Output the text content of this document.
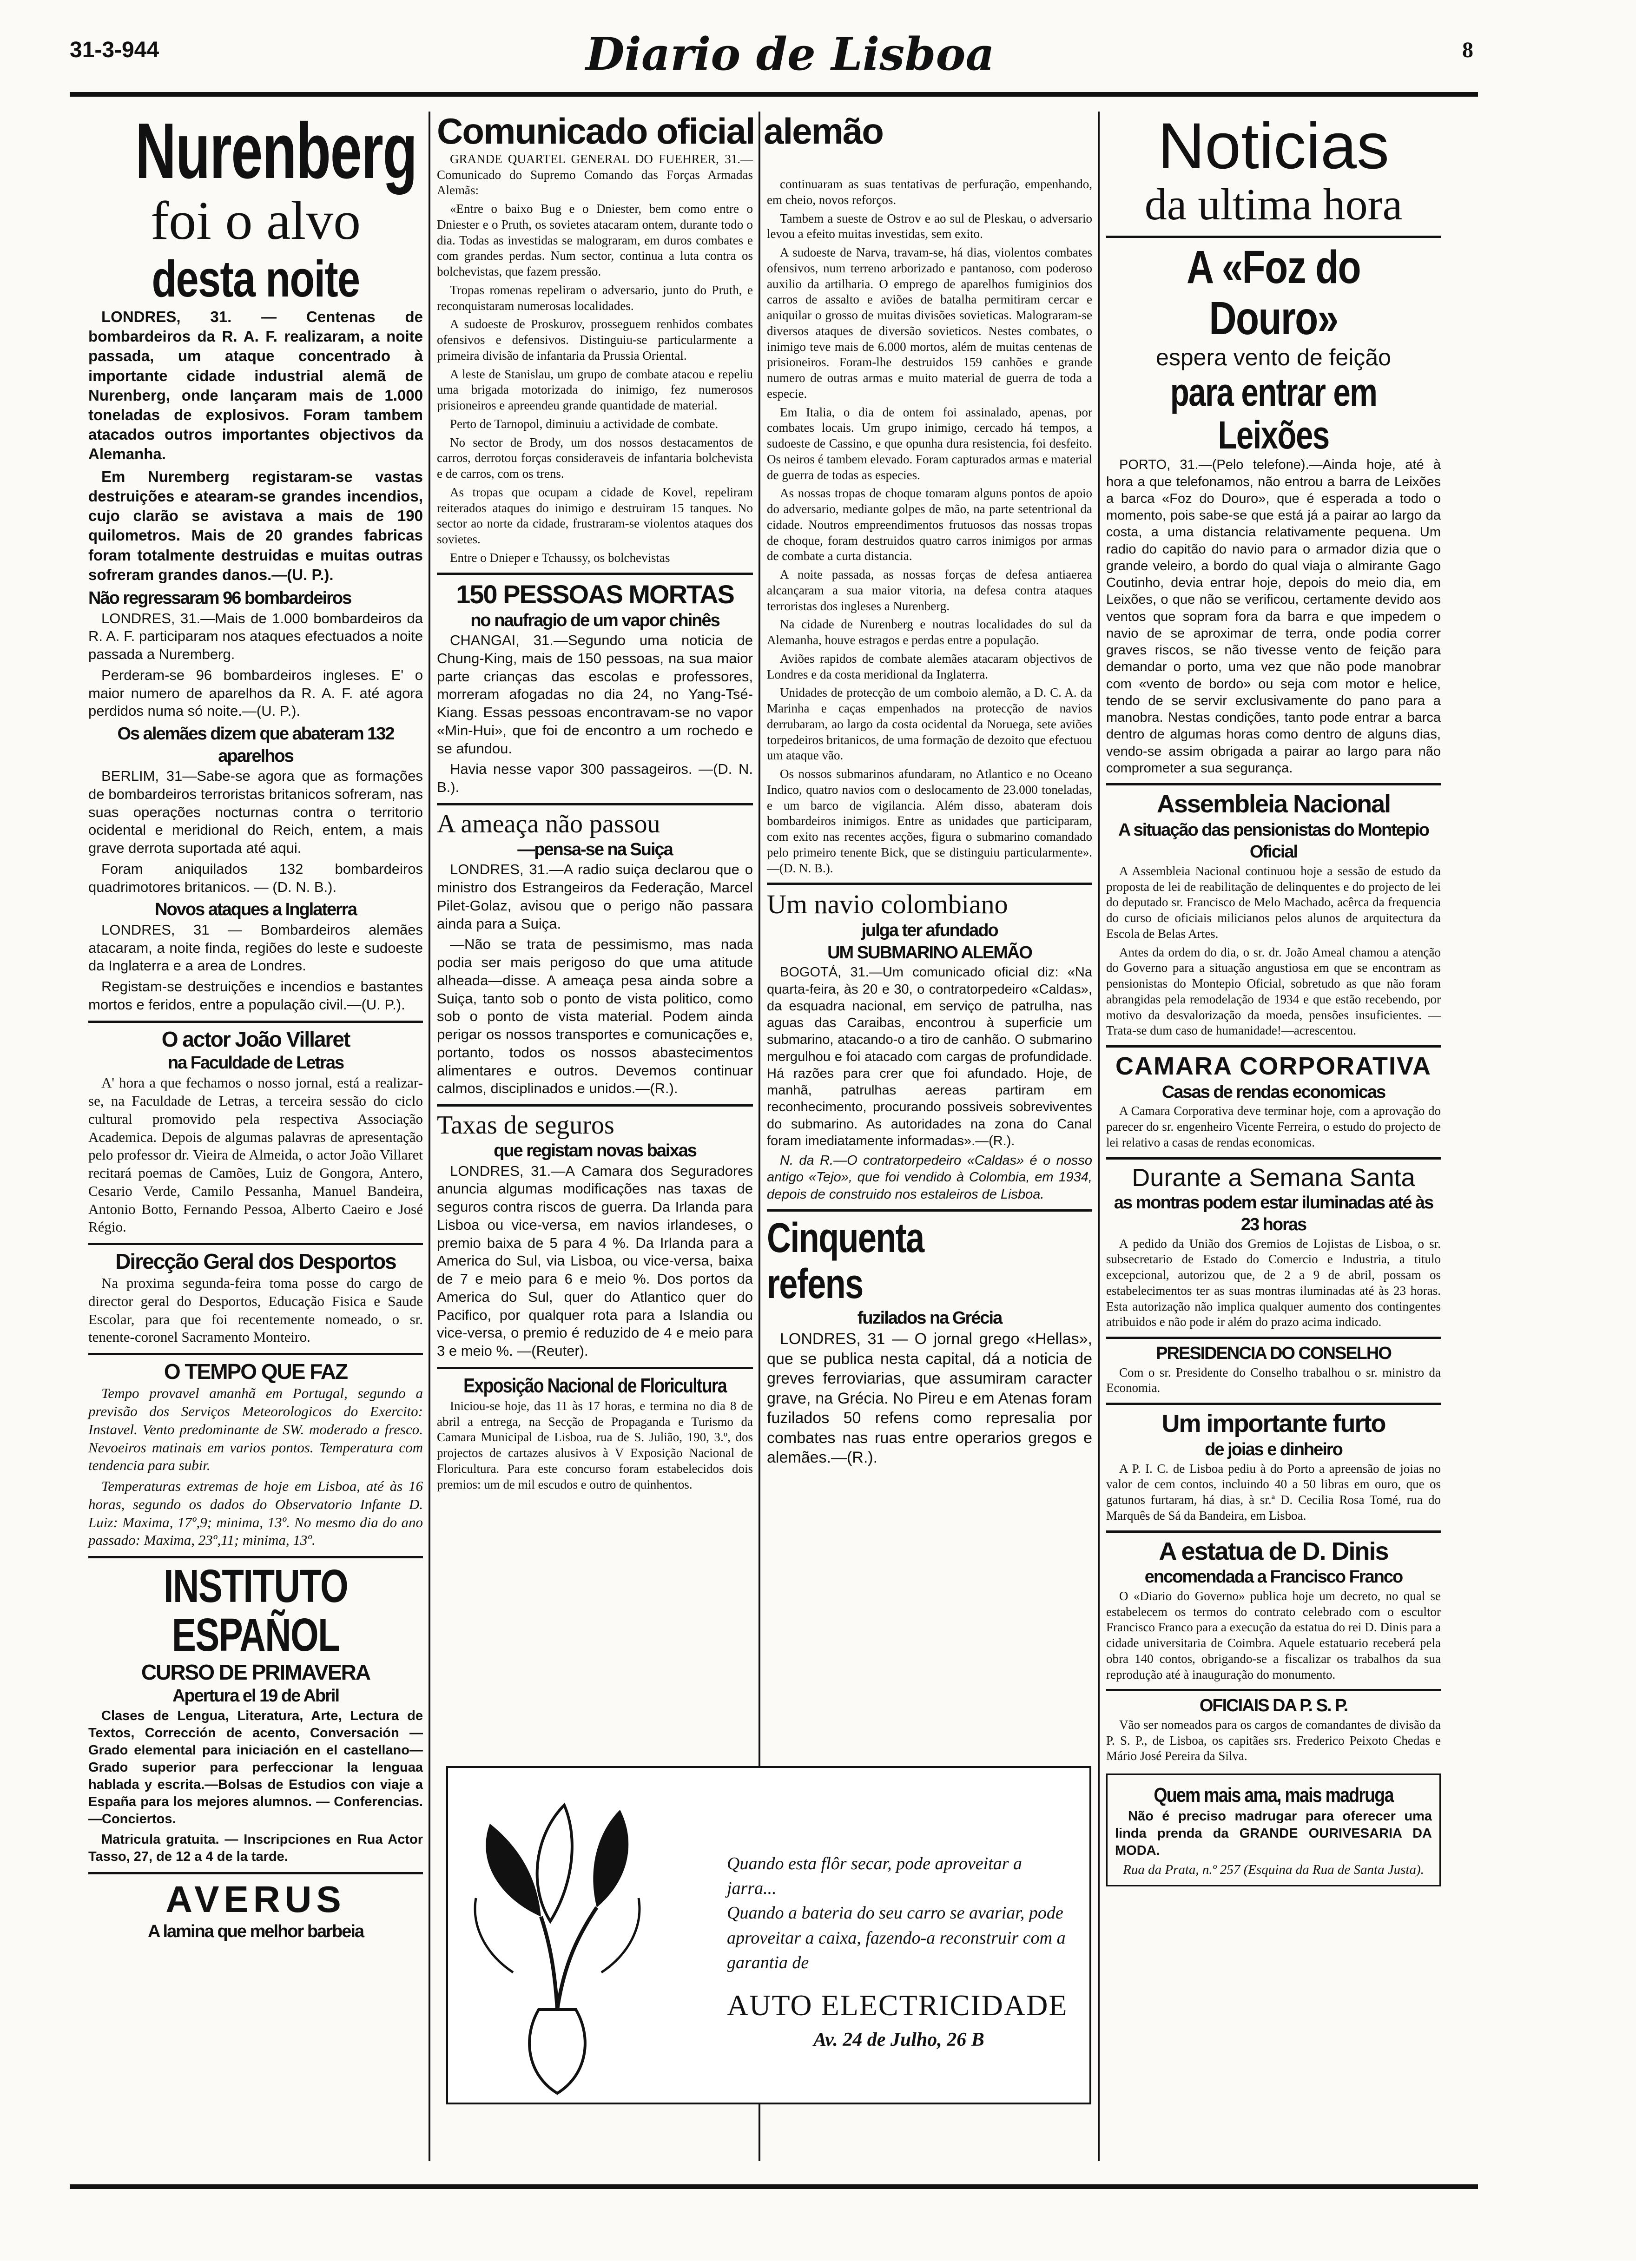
31-3-944	Diario de Lisboa	8
Nurenberg
foi o alvo
desta noite

LONDRES, 31. — Centenas de bombardeiros da R. A. F. realizaram, a noite passada, um ataque concentrado à importante cidade industrial alemã de Nurenberg, onde lançaram mais de 1.000 toneladas de explosivos. Foram tambem atacados outros importantes objectivos da Alemanha.

Em Nuremberg registaram-se vastas destruições e atearam-se grandes incendios, cujo clarão se avistava a mais de 190 quilometros. Mais de 20 grandes fabricas foram totalmente destruidas e muitas outras sofreram grandes danos.—(U. P.).

Não regressaram 96 bombardeiros

LONDRES, 31.—Mais de 1.000 bombardeiros da R. A. F. participaram nos ataques efectuados a noite passada a Nuremberg.

Perderam-se 96 bombardeiros ingleses. E' o maior numero de aparelhos da R. A. F. até agora perdidos numa só noite.—(U. P.).

Os alemães dizem que abateram 132 aparelhos

BERLIM, 31—Sabe-se agora que as formações de bombardeiros terroristas britanicos sofreram, nas suas operações nocturnas contra o territorio ocidental e meridional do Reich, entem, a mais grave derrota suportada até aqui.

Foram aniquilados 132 bombardeiros quadrimotores britanicos. — (D. N. B.).

Novos ataques a Inglaterra

LONDRES, 31 — Bombardeiros alemães atacaram, a noite finda, regiões do leste e sudoeste da Inglaterra e a area de Londres.

Registam-se destruições e incendios e bastantes mortos e feridos, entre a população civil.—(U. P.).

O actor João Villaret
na Faculdade de Letras

A' hora a que fechamos o nosso jornal, está a realizar-se, na Faculdade de Letras, a terceira sessão do ciclo cultural promovido pela respectiva Associação Academica. Depois de algumas palavras de apresentação pelo professor dr. Vieira de Almeida, o actor João Villaret recitará poemas de Camões, Luiz de Gongora, Antero, Cesario Verde, Camilo Pessanha, Manuel Bandeira, Antonio Botto, Fernando Pessoa, Alberto Caeiro e José Régio.

Direcção Geral dos Desportos

Na proxima segunda-feira toma posse do cargo de director geral do Desportos, Educação Fisica e Saude Escolar, para que foi recentemente nomeado, o sr. tenente-coronel Sacramento Monteiro.

O TEMPO QUE FAZ

Tempo provavel amanhã em Portugal, segundo a previsão dos Serviços Meteorologicos do Exercito: Instavel. Vento predominante de SW. moderado a fresco. Nevoeiros matinais em varios pontos. Temperatura com tendencia para subir.

Temperaturas extremas de hoje em Lisboa, até às 16 horas, segundo os dados do Observatorio Infante D. Luiz: Maxima, 17º,9; minima, 13º. No mesmo dia do ano passado: Maxima, 23º,11; minima, 13º.

INSTITUTO ESPAÑOL
CURSO DE PRIMAVERA
Apertura el 19 de Abril

Clases de Lengua, Literatura, Arte, Lectura de Textos, Corrección de acento, Conversación — Grado elemental para iniciación en el castellano— Grado superior para perfeccionar la lenguaa hablada y escrita.—Bolsas de Estudios con viaje a España para los mejores alumnos. — Conferencias.—Conciertos.

Matricula gratuita. — Inscripciones en Rua Actor Tasso, 27, de 12 a 4 de la tarde.

AVERUS
A lamina que melhor barbeia
Comunicado oficial alemão

GRANDE QUARTEL GENERAL DO FUEHRER, 31.—Comunicado do Supremo Comando das Forças Armadas Alemãs:

«Entre o baixo Bug e o Dniester, bem como entre o Dniester e o Pruth, os sovietes atacaram ontem, durante todo o dia. Todas as investidas se malograram, em duros combates e com grandes perdas. Num sector, continua a luta contra os bolchevistas, que fazem pressão.

Tropas romenas repeliram o adversario, junto do Pruth, e reconquistaram numerosas localidades.

A sudoeste de Proskurov, prosseguem renhidos combates ofensivos e defensivos. Distinguiu-se particularmente a primeira divisão de infantaria da Prussia Oriental.

A leste de Stanislau, um grupo de combate atacou e repeliu uma brigada motorizada do inimigo, fez numerosos prisioneiros e apreendeu grande quantidade de material.

Perto de Tarnopol, diminuiu a actividade de combate.

No sector de Brody, um dos nossos destacamentos de carros, derrotou forças consideraveis de infantaria bolchevista e de carros, com os trens.

As tropas que ocupam a cidade de Kovel, repeliram reiterados ataques do inimigo e destruiram 15 tanques. No sector ao norte da cidade, frustraram-se violentos ataques dos sovietes.

Entre o Dnieper e Tchaussy, os bolchevistas

150 PESSOAS MORTAS
no naufragio de um vapor chinês

CHANGAI, 31.—Segundo uma noticia de Chung-King, mais de 150 pessoas, na sua maior parte crianças das escolas e professores, morreram afogadas no dia 24, no Yang-Tsé-Kiang. Essas pessoas encontravam-se no vapor «Min-Hui», que foi de encontro a um rochedo e se afundou.

Havia nesse vapor 300 passageiros. —(D. N. B.).

A ameaça não passou
—pensa-se na Suiça

LONDRES, 31.—A radio suiça declarou que o ministro dos Estrangeiros da Federação, Marcel Pilet-Golaz, avisou que o perigo não passara ainda para a Suiça.

—Não se trata de pessimismo, mas nada podia ser mais perigoso do que uma atitude alheada—disse. A ameaça pesa ainda sobre a Suiça, tanto sob o ponto de vista politico, como sob o ponto de vista material. Podem ainda perigar os nossos transportes e comunicações e, portanto, todos os nossos abastecimentos alimentares e outros. Devemos continuar calmos, disciplinados e unidos.—(R.).

Taxas de seguros
que registam novas baixas

LONDRES, 31.—A Camara dos Seguradores anuncia algumas modificações nas taxas de seguros contra riscos de guerra. Da Irlanda para Lisboa ou vice-versa, em navios irlandeses, o premio baixa de 5 para 4 %. Da Irlanda para a America do Sul, via Lisboa, ou vice-versa, baixa de 7 e meio para 6 e meio %. Dos portos da America do Sul, quer do Atlantico quer do Pacifico, por qualquer rota para a Islandia ou vice-versa, o premio é reduzido de 4 e meio para 3 e meio %. —(Reuter).

Exposição Nacional de Floricultura

Iniciou-se hoje, das 11 às 17 horas, e termina no dia 8 de abril a entrega, na Secção de Propaganda e Turismo da Camara Municipal de Lisboa, rua de S. Julião, 190, 3.º, dos projectos de cartazes alusivos à V Exposição Nacional de Floricultura. Para este concurso foram estabelecidos dois premios: um de mil escudos e outro de quinhentos.

continuaram as suas tentativas de perfuração, empenhando, em cheio, novos reforços.

Tambem a sueste de Ostrov e ao sul de Pleskau, o adversario levou a efeito muitas investidas, sem exito.

A sudoeste de Narva, travam-se, há dias, violentos combates ofensivos, num terreno arborizado e pantanoso, com poderoso auxilio da artilharia. O emprego de aparelhos fumiginios dos carros de assalto e aviões de batalha permitiram cercar e aniquilar o grosso de muitas divisões sovieticas. Malograram-se diversos ataques de diversão sovieticos. Nestes combates, o inimigo teve mais de 6.000 mortos, além de muitas centenas de prisioneiros. Foram-lhe destruidos 159 canhões e grande numero de outras armas e muito material de guerra de toda a especie.

Em Italia, o dia de ontem foi assinalado, apenas, por combates locais. Um grupo inimigo, cercado há tempos, a sudoeste de Cassino, e que opunha dura resistencia, foi desfeito. Os neiros é tambem elevado. Foram capturados armas e material de guerra de todas as especies.

As nossas tropas de choque tomaram alguns pontos de apoio do adversario, mediante golpes de mão, na parte setentrional da cidade. Noutros empreendimentos frutuosos das nossas tropas de choque, foram destruidos quatro carros inimigos por armas de combate a curta distancia.

A noite passada, as nossas forças de defesa antiaerea alcançaram a sua maior vitoria, na defesa contra ataques terroristas dos ingleses a Nurenberg.

Na cidade de Nurenberg e noutras localidades do sul da Alemanha, houve estragos e perdas entre a população.

Aviões rapidos de combate alemães atacaram objectivos de Londres e da costa meridional da Inglaterra.

Unidades de protecção de um comboio alemão, a D. C. A. da Marinha e caças empenhados na protecção de navios derrubaram, ao largo da costa ocidental da Noruega, sete aviões torpedeiros britanicos, de uma formação de dezoito que efectuou um ataque vão.

Os nossos submarinos afundaram, no Atlantico e no Oceano Indico, quatro navios com o deslocamento de 23.000 toneladas, e um barco de vigilancia. Além disso, abateram dois bombardeiros inimigos. Entre as unidades que participaram, com exito nas recentes acções, figura o submarino comandado pelo primeiro tenente Bick, que se distinguiu particularmente».—(D. N. B.).

Um navio colombiano
julga ter afundado
UM SUBMARINO ALEMÃO

BOGOTÁ, 31.—Um comunicado oficial diz: «Na quarta-feira, às 20 e 30, o contratorpedeiro «Caldas», da esquadra nacional, em serviço de patrulha, nas aguas das Caraibas, encontrou à superficie um submarino, atacando-o a tiro de canhão. O submarino mergulhou e foi atacado com cargas de profundidade. Há razões para crer que foi afundado. Hoje, de manhã, patrulhas aereas partiram em reconhecimento, procurando possiveis sobreviventes do submarino. As autoridades na zona do Canal foram imediatamente informadas».—(R.).

N. da R.—O contratorpedeiro «Caldas» é o nosso antigo «Tejo», que foi vendido à Colombia, em 1934, depois de construido nos estaleiros de Lisboa.

Cinquenta refens
fuzilados na Grécia

LONDRES, 31 — O jornal grego «Hellas», que se publica nesta capital, dá a noticia de greves ferroviarias, que assumiram caracter grave, na Grécia. No Pireu e em Atenas foram fuzilados 50 refens como represalia por combates nas ruas entre operarios gregos e alemães.—(R.).

Quando esta flôr secar, pode aproveitar a jarra...

Quando a bateria do seu carro se avariar, pode aproveitar a caixa, fazendo-a reconstruir com a garantia de

AUTO ELECTRICIDADE

Av. 24 de Julho, 26 B

Noticias
da ultima hora
A «Foz do Douro»
espera vento de feição
para entrar em Leixões

PORTO, 31.—(Pelo telefone).—Ainda hoje, até à hora a que telefonamos, não entrou a barra de Leixões a barca «Foz do Douro», que é esperada a todo o momento, pois sabe-se que está já a pairar ao largo da costa, a uma distancia relativamente pequena. Um radio do capitão do navio para o armador dizia que o grande veleiro, a bordo do qual viaja o almirante Gago Coutinho, devia entrar hoje, depois do meio dia, em Leixões, o que não se verificou, certamente devido aos ventos que sopram fora da barra e que impedem o navio de se aproximar de terra, onde podia correr graves riscos, se não tivesse vento de feição para demandar o porto, uma vez que não pode manobrar com «vento de bordo» ou seja com motor e helice, tendo de se servir exclusivamente do pano para a manobra. Nestas condições, tanto pode entrar a barca dentro de algumas horas como dentro de alguns dias, vendo-se assim obrigada a pairar ao largo para não comprometer a sua segurança.

Assembleia Nacional
A situação das pensionistas do Montepio Oficial

A Assembleia Nacional continuou hoje a sessão de estudo da proposta de lei de reabilitação de delinquentes e do projecto de lei do deputado sr. Francisco de Melo Machado, acêrca da frequencia do curso de oficiais milicianos pelos alunos de arquitectura da Escola de Belas Artes.

Antes da ordem do dia, o sr. dr. João Ameal chamou a atenção do Governo para a situação angustiosa em que se encontram as pensionistas do Montepio Oficial, sobretudo as que não foram abrangidas pela remodelação de 1934 e que estão recebendo, por motivo da desvalorização da moeda, pensões insuficientes. —Trata-se dum caso de humanidade!—acrescentou.

CAMARA CORPORATIVA
Casas de rendas economicas

A Camara Corporativa deve terminar hoje, com a aprovação do parecer do sr. engenheiro Vicente Ferreira, o estudo do projecto de lei relativo a casas de rendas economicas.

Durante a Semana Santa
as montras podem estar iluminadas até às 23 horas

A pedido da União dos Gremios de Lojistas de Lisboa, o sr. subsecretario de Estado do Comercio e Industria, a titulo excepcional, autorizou que, de 2 a 9 de abril, possam os estabelecimentos ter as suas montras iluminadas até às 23 horas. Esta autorização não implica qualquer aumento dos contingentes atribuidos e não pode ir além do prazo acima indicado.

PRESIDENCIA DO CONSELHO

Com o sr. Presidente do Conselho trabalhou o sr. ministro da Economia.

Um importante furto
de joias e dinheiro

A P. I. C. de Lisboa pediu à do Porto a apreensão de joias no valor de cem contos, incluindo 40 a 50 libras em ouro, que os gatunos furtaram, há dias, à sr.ª D. Cecilia Rosa Tomé, rua do Marquês de Sá da Bandeira, em Lisboa.

A estatua de D. Dinis
encomendada a Francisco Franco

O «Diario do Governo» publica hoje um decreto, no qual se estabelecem os termos do contrato celebrado com o escultor Francisco Franco para a execução da estatua do rei D. Dinis para a cidade universitaria de Coimbra. Aquele estatuario receberá pela obra 140 contos, obrigando-se a fiscalizar os trabalhos da sua reprodução até à inauguração do monumento.

OFICIAIS DA P. S. P.

Vão ser nomeados para os cargos de comandantes de divisão da P. S. P., de Lisboa, os capitães srs. Frederico Peixoto Chedas e Mário José Pereira da Silva.

Quem mais ama, mais madruga

Não é preciso madrugar para oferecer uma linda prenda da GRANDE OURIVESARIA DA MODA.

Rua da Prata, n.º 257 (Esquina da Rua de Santa Justa).
